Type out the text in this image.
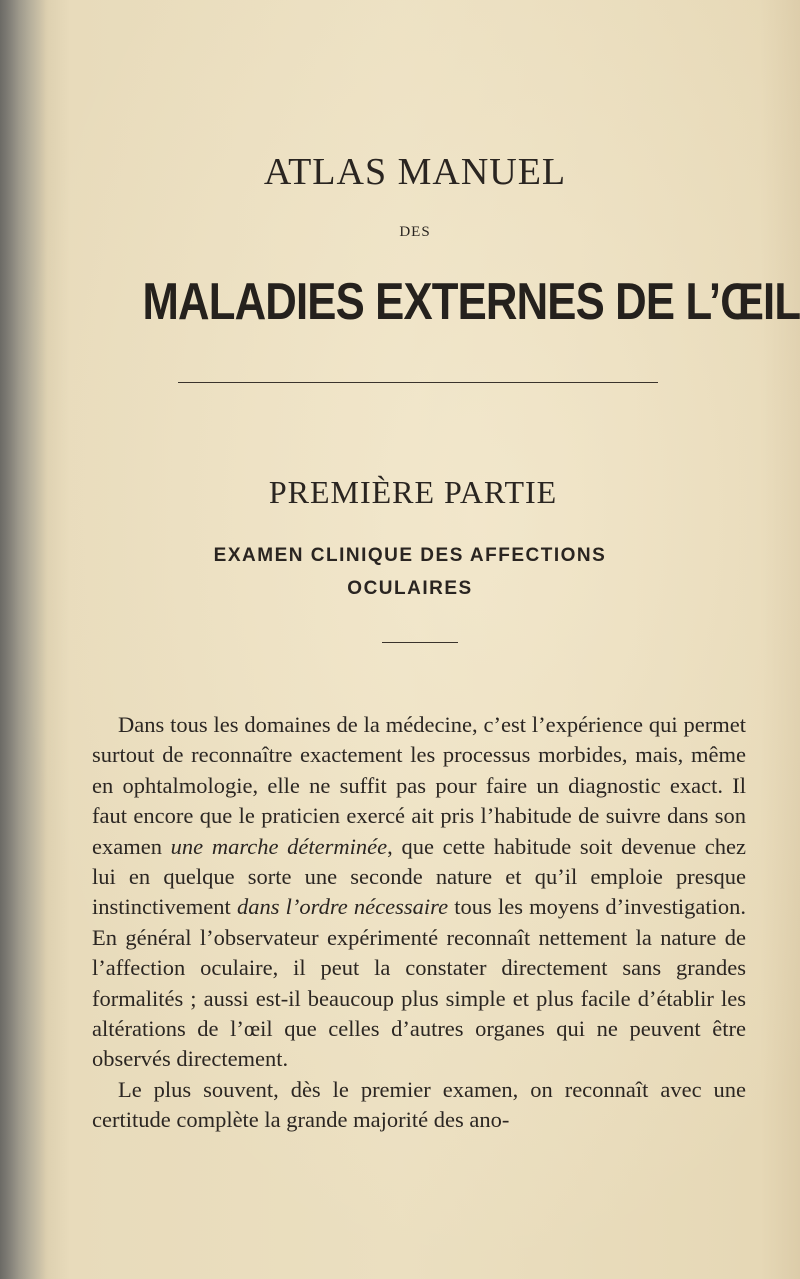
ATLAS MANUEL
DES
MALADIES EXTERNES DE L’ŒIL
PREMIÈRE PARTIE
EXAMEN CLINIQUE DES AFFECTIONS
OCULAIRES

Dans tous les domaines de la médecine, c’est l’expérience qui permet surtout de reconnaître exactement les processus morbides, mais, même en ophtalmologie, elle ne suffit pas pour faire un diagnostic exact. Il faut encore que le praticien exercé ait pris l’habitude de suivre dans son examen une marche déterminée, que cette habitude soit devenue chez lui en quelque sorte une seconde nature et qu’il emploie presque instinctivement dans l’ordre nécessaire tous les moyens d’investigation. En général l’observateur expérimenté reconnaît nettement la nature de l’affection oculaire, il peut la constater directement sans grandes formalités ; aussi est-il beaucoup plus simple et plus facile d’établir les altérations de l’œil que celles d’autres organes qui ne peuvent être observés directement.

Le plus souvent, dès le premier examen, on reconnaît avec une certitude complète la grande majorité des ano-
